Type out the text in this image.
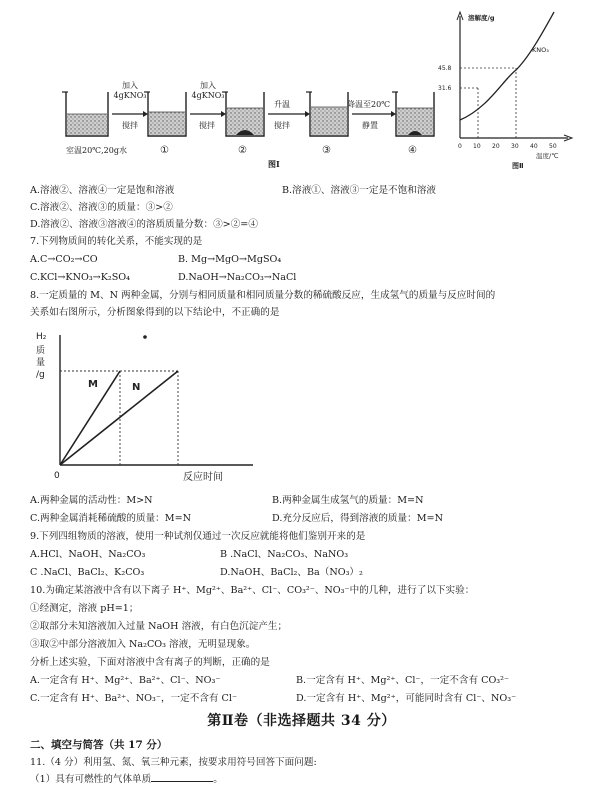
加入
4gKNO₃
搅拌
加入
4gKNO₃
搅拌
升温
搅拌
降温至20℃
静置
室温20℃,20g水	①	②	③	④
图Ⅰ
溶解度/g
KNO₃
45.8
31.6
0 10 20 30 40 50
温度/℃
图Ⅱ
A.溶液②、溶液④一定是饱和溶液	B.溶液①、溶液③一定是不饱和溶液
C.溶液②、溶液③的质量：③>②
D.溶液②、溶液③溶液④的溶质质量分数：③>②=④
7.下列物质间的转化关系，不能实现的是
A.C→CO₂→CO	B. Mg→MgO→MgSO₄
C.KCl→KNO₃→K₂SO₄	D.NaOH→Na₂CO₃→NaCl
8.一定质量的 M、N 两种金属，分别与相同质量和相同质量分数的稀硫酸反应，生成氢气的质量与反应时间的
关系如右图所示，分析图象得到的以下结论中，不正确的是
H₂
质
量
/g
M	N
0	反应时间
A.两种金属的活动性：M>N	B.两种金属生成氢气的质量：M=N
C.两种金属消耗稀硫酸的质量：M=N	D.充分反应后，得到溶液的质量：M=N
9.下列四组物质的溶液，使用一种试剂仅通过一次反应就能将他们鉴别开来的是
A.HCl、NaOH、Na₂CO₃	B .NaCl、Na₂CO₃、NaNO₃
C .NaCl、BaCl₂、K₂CO₃	D.NaOH、BaCl₂、Ba（NO₃）₂
10.为确定某溶液中含有以下离子 H⁺、Mg²⁺、Ba²⁺、Cl⁻、CO₃²⁻、NO₃⁻中的几种，进行了以下实验：
①经测定，溶液 pH=1；
②取部分未知溶液加入过量 NaOH 溶液，有白色沉淀产生；
③取②中部分溶液加入 Na₂CO₃ 溶液，无明显现象。
分析上述实验，下面对溶液中含有离子的判断，正确的是
A.一定含有 H⁺、Mg²⁺、Ba²⁺、Cl⁻、NO₃⁻	B.一定含有 H⁺、Mg²⁺、Cl⁻，一定不含有 CO₃²⁻
C.一定含有 H⁺、Ba²⁺、NO₃⁻，一定不含有 Cl⁻	D.一定含有 H⁺、Mg²⁺，可能同时含有 Cl⁻、NO₃⁻
第Ⅱ卷（非选择题共 34 分）
二、填空与简答（共 17 分）
11.（4 分）利用氢、氮、氧三种元素，按要求用符号回答下面问题:
（1）具有可燃性的气体单质	。
